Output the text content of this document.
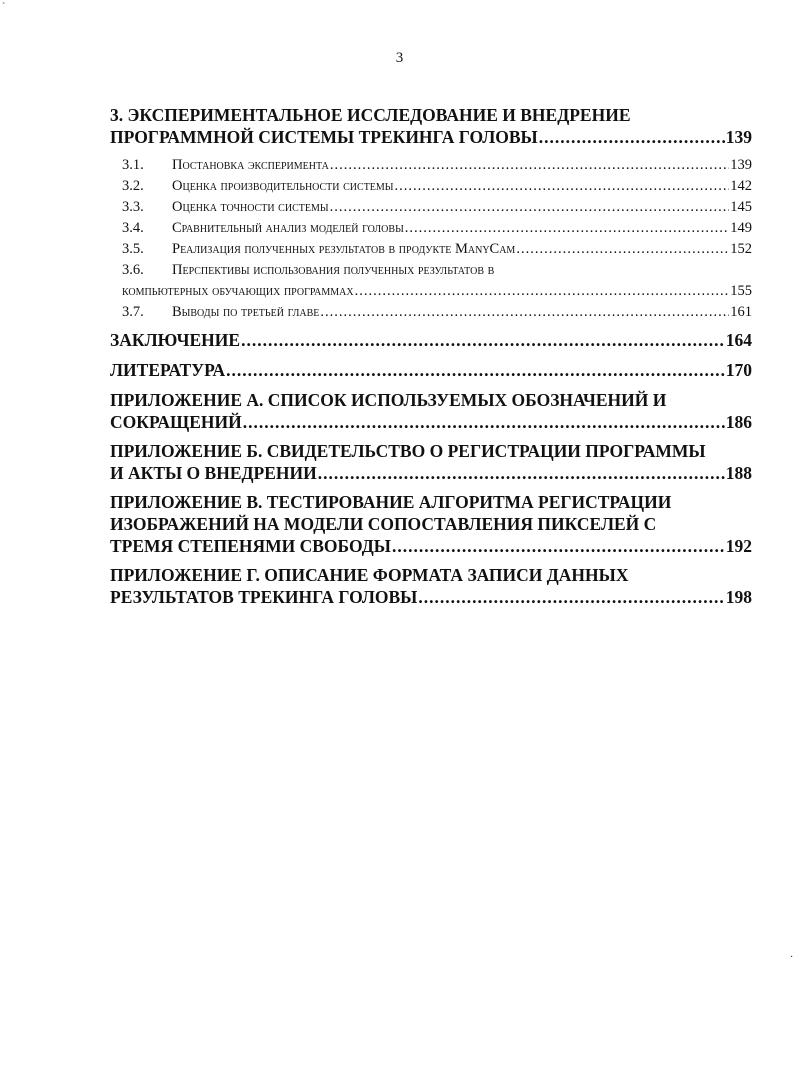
`
·
3
3. ЭКСПЕРИМЕНТАЛЬНОЕ ИССЛЕДОВАНИЕ И ВНЕДРЕНИЕ
ПРОГРАММНОЙ СИСТЕМЫ ТРЕКИНГА ГОЛОВЫ .....	139
3.1. Постановка эксперимента .....	139
3.2. Оценка производительности системы .....	142
3.3. Оценка точности системы .....	145
3.4. Сравнительный анализ моделей головы .....	149
3.5. Реализация полученных результатов в продукте ManyCam .....	152
3.6. Перспективы использования полученных результатов в
компьютерных обучающих программах .....	155
3.7. Выводы по третьей главе .....	161
ЗАКЛЮЧЕНИЕ .....	164
ЛИТЕРАТУРА .....	170
ПРИЛОЖЕНИЕ А. СПИСОК ИСПОЛЬЗУЕМЫХ ОБОЗНАЧЕНИЙ И
СОКРАЩЕНИЙ .....	186
ПРИЛОЖЕНИЕ Б. СВИДЕТЕЛЬСТВО О РЕГИСТРАЦИИ ПРОГРАММЫ
И АКТЫ О ВНЕДРЕНИИ .....	188
ПРИЛОЖЕНИЕ В. ТЕСТИРОВАНИЕ АЛГОРИТМА РЕГИСТРАЦИИ
ИЗОБРАЖЕНИЙ НА МОДЕЛИ СОПОСТАВЛЕНИЯ ПИКСЕЛЕЙ С
ТРЕМЯ СТЕПЕНЯМИ СВОБОДЫ .....	192
ПРИЛОЖЕНИЕ Г. ОПИСАНИЕ ФОРМАТА ЗАПИСИ ДАННЫХ
РЕЗУЛЬТАТОВ ТРЕКИНГА ГОЛОВЫ .....	198
